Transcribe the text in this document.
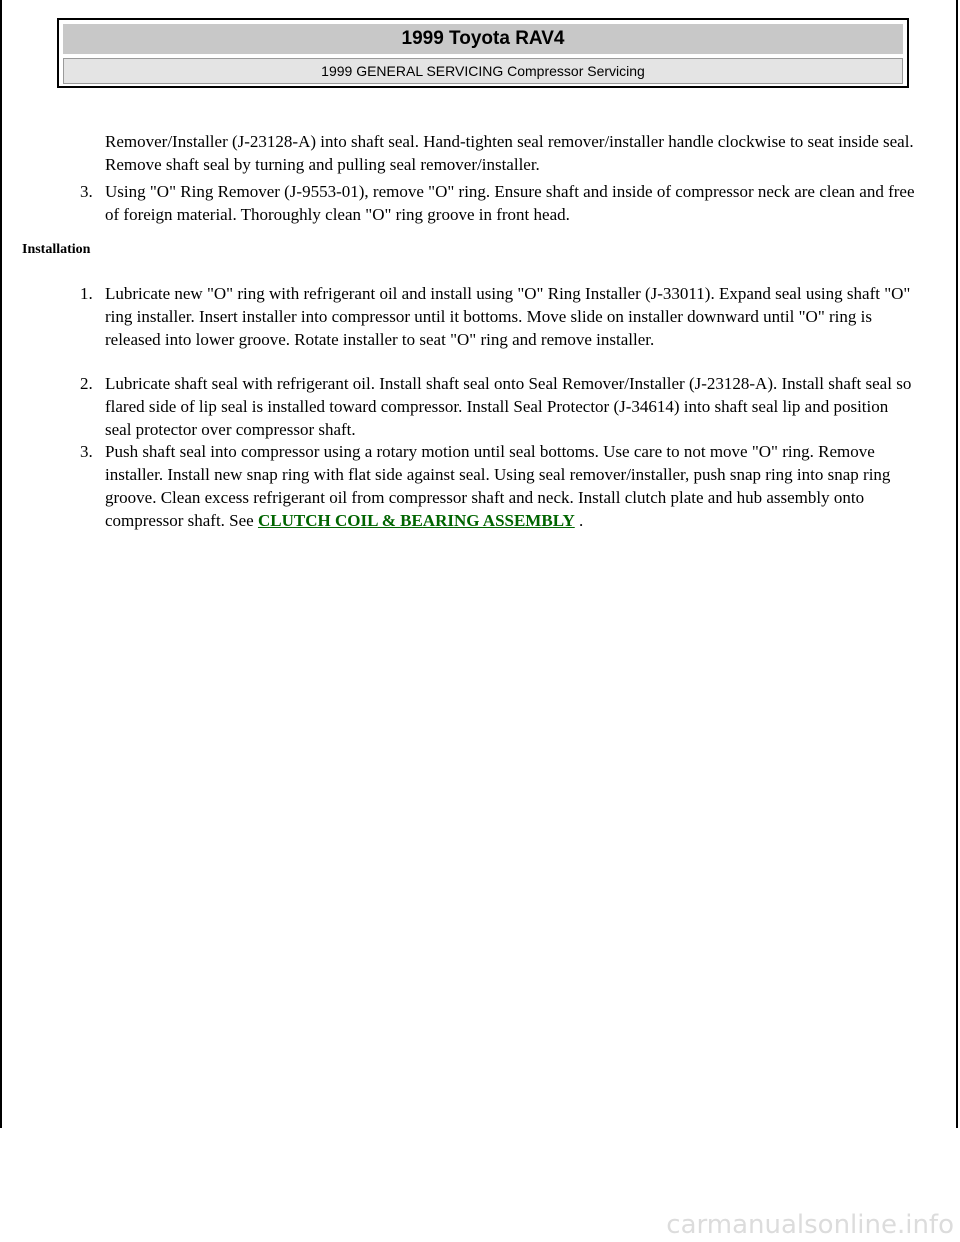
1999 Toyota RAV4
1999 GENERAL SERVICING Compressor Servicing

Remover/Installer (J-23128-A) into shaft seal. Hand-tighten seal remover/installer handle clockwise to seat inside seal. Remove shaft seal by turning and pulling seal remover/installer.

3. Using "O" Ring Remover (J-9553-01), remove "O" ring. Ensure shaft and inside of compressor neck are clean and free of foreign material. Thoroughly clean "O" ring groove in front head.
Installation
1. Lubricate new "O" ring with refrigerant oil and install using "O" Ring Installer (J-33011). Expand seal using shaft "O" ring installer. Insert installer into compressor until it bottoms. Move slide on installer downward until "O" ring is released into lower groove. Rotate installer to seat "O" ring and remove installer.
2. Lubricate shaft seal with refrigerant oil. Install shaft seal onto Seal Remover/Installer (J-23128-A). Install shaft seal so flared side of lip seal is installed toward compressor. Install Seal Protector (J-34614) into shaft seal lip and position seal protector over compressor shaft.
3. Push shaft seal into compressor using a rotary motion until seal bottoms. Use care to not move "O" ring. Remove installer. Install new snap ring with flat side against seal. Using seal remover/installer, push snap ring into snap ring groove. Clean excess refrigerant oil from compressor shaft and neck. Install clutch plate and hub assembly onto compressor shaft. See CLUTCH COIL & BEARING ASSEMBLY .
carmanualsonline.info
